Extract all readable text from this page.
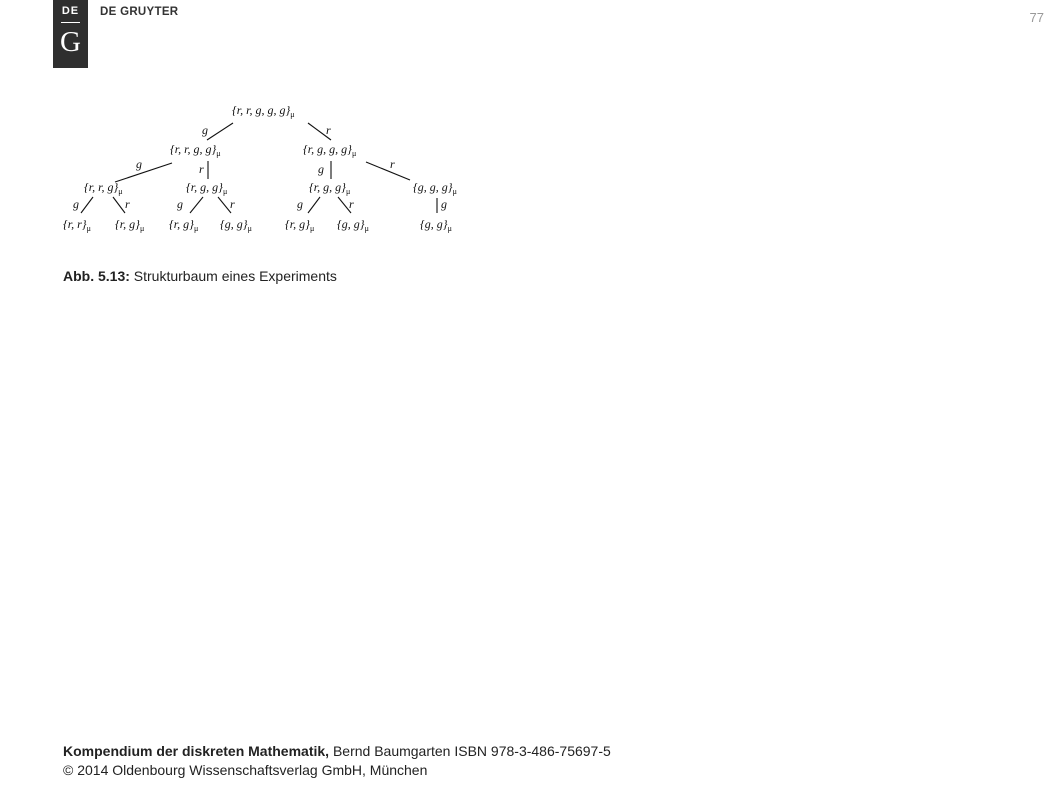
DE
G
DE GRUYTER	77
g	r
g	r	g	r
g	r	g	r	g	r	g
{r, r, g, g, $g\}_\mu$
{r, r, g, $g\}_\mu$	{r, g, g, $g\}_\mu$
{r, r, $g\}_\mu$	{r, g, $g\}_\mu$	{r, g, $g\}_\mu$	{g, g, $g\}_\mu$
{r, $r\}_\mu$ {r, $g\}_\mu$ {r, $g\}_\mu$ {g, $g\}_\mu$	{r, $g\}_\mu$ {g, $g\}_\mu$	{g, $g\}_\mu$
Abb. 5.13: Strukturbaum eines Experiments
Kompendium der diskreten Mathematik, Bernd Baumgarten ISBN 978-3-486-75697-5
© 2014 Oldenbourg Wissenschaftsverlag GmbH, München
